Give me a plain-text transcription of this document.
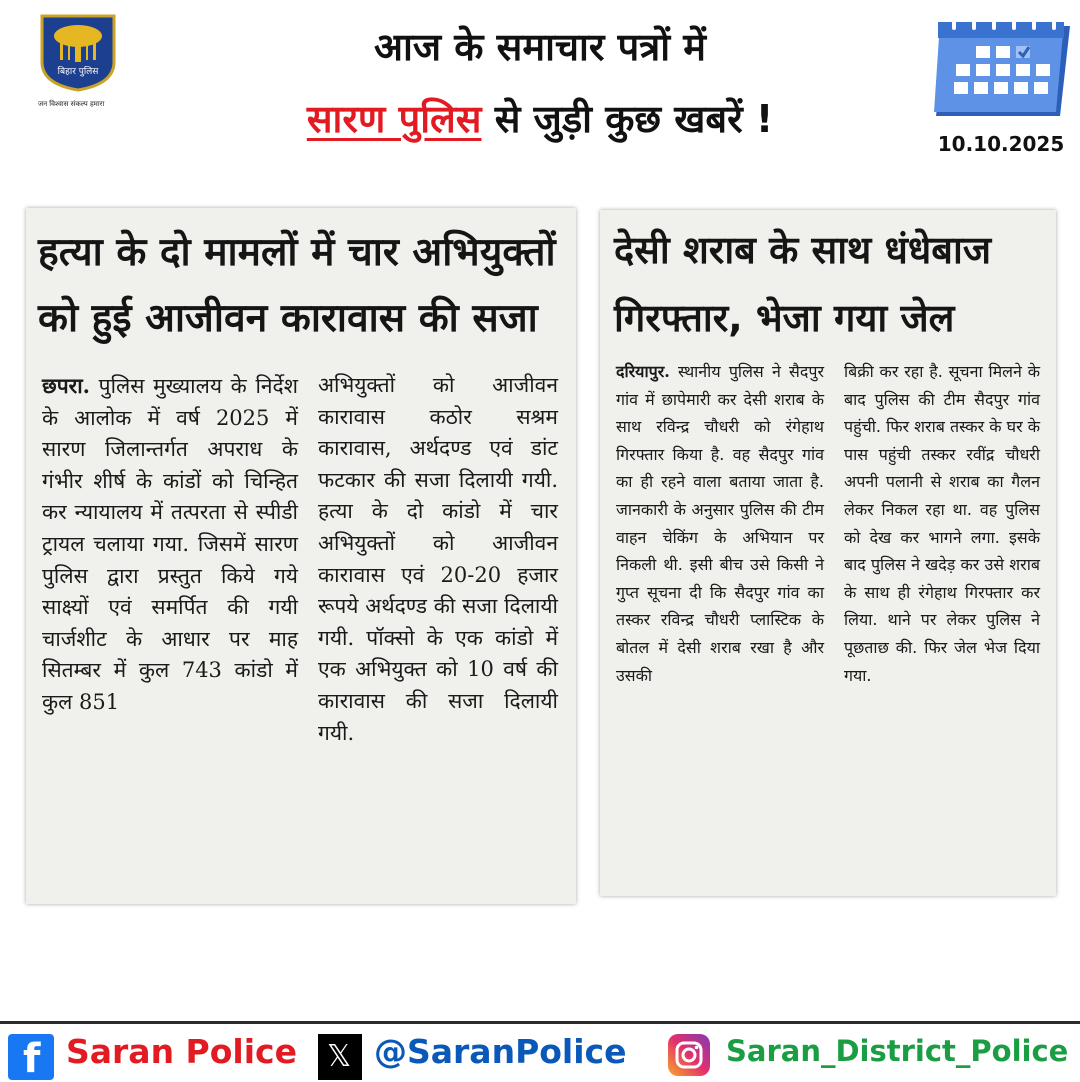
बिहार पुलिस
जन विश्वास संकल्प हमारा
आज के समाचार पत्रों में
सारण पुलिस से जुड़ी कुछ खबरें !
10.10.2025
हत्या के दो मामलों में चार अभियुक्तों को हुई आजीवन कारावास की सजा
छपरा. पुलिस मुख्यालय के निर्देश के आलोक में वर्ष 2025 में सारण जिलान्तर्गत अपराध के गंभीर शीर्ष के कांडों को चिन्हित कर न्यायालय में तत्परता से स्पीडी ट्रायल चलाया गया. जिसमें सारण पुलिस द्वारा प्रस्तुत किये गये साक्ष्यों एवं समर्पित की गयी चार्जशीट के आधार पर माह सितम्बर में कुल 743 कांडो में कुल 851
अभियुक्तों को आजीवन कारावास कठोर सश्रम कारावास, अर्थदण्ड एवं डांट फटकार की सजा दिलायी गयी. हत्या के दो कांडो में चार अभियुक्तों को आजीवन कारावास एवं 20-20 हजार रूपये अर्थदण्ड की सजा दिलायी गयी. पॉक्सो के एक कांडो में एक अभियुक्त को 10 वर्ष की कारावास की सजा दिलायी गयी.
देसी शराब के साथ धंधेबाज गिरफ्तार, भेजा गया जेल
दरियापुर. स्थानीय पुलिस ने सैदपुर गांव में छापेमारी कर देसी शराब के साथ रविन्द्र चौधरी को रंगेहाथ गिरफ्तार किया है. वह सैदपुर गांव का ही रहने वाला बताया जाता है. जानकारी के अनुसार पुलिस की टीम वाहन चेकिंग के अभियान पर निकली थी. इसी बीच उसे किसी ने गुप्त सूचना दी कि सैदपुर गांव का तस्कर रविन्द्र चौधरी प्लास्टिक के बोतल में देसी शराब रखा है और उसकी
बिक्री कर रहा है. सूचना मिलने के बाद पुलिस की टीम सैदपुर गांव पहुंची. फिर शराब तस्कर के घर के पास पहुंची तस्कर रवींद्र चौधरी अपनी पलानी से शराब का गैलन लेकर निकल रहा था. वह पुलिस को देख कर भागने लगा. इसके बाद पुलिस ने खदेड़ कर उसे शराब के साथ ही रंगेहाथ गिरफ्तार कर लिया. थाने पर लेकर पुलिस ने पूछताछ की. फिर जेल भेज दिया गया.
f Saran Police 𝕏 @SaranPolice	Saran_District_Police
